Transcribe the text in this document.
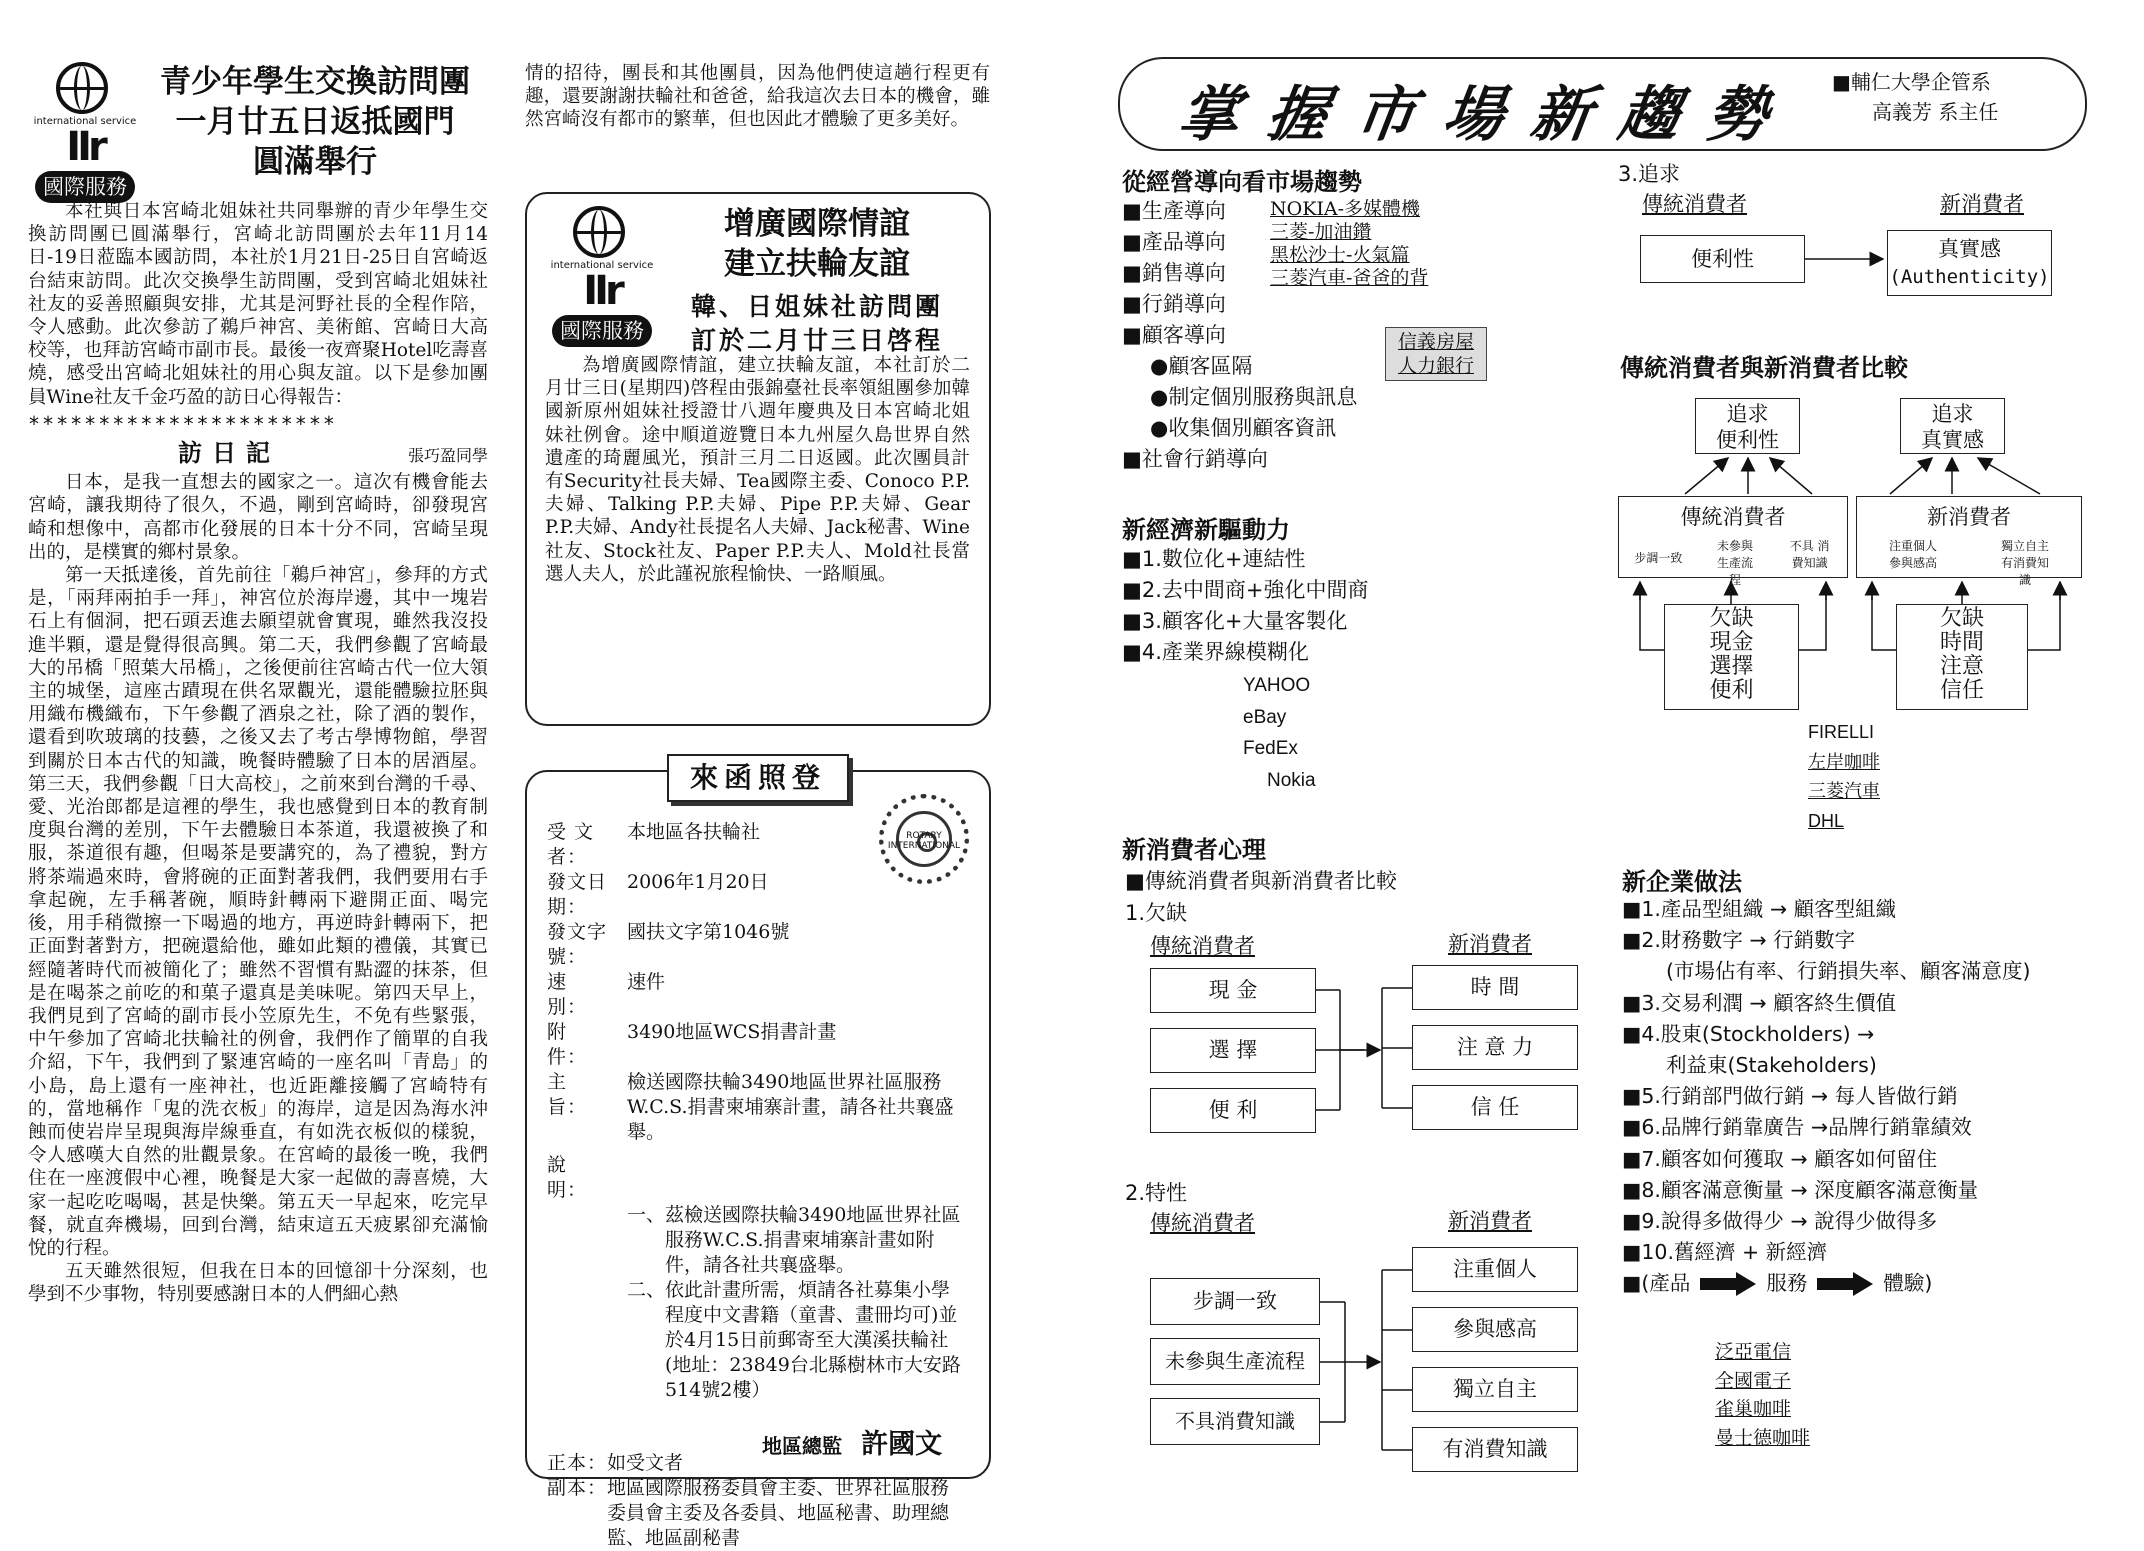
international service
IIr
國際服務
青少年學生交換訪問團
一月廿五日返抵國門
圓滿舉行

本社與日本宮崎北姐妹社共同舉辦的青少年學生交換訪問團已圓滿舉行，宮崎北訪問團於去年11月14日-19日蒞臨本國訪問，本社於1月21日-25日自宮崎返台結束訪問。此次交換學生訪問團，受到宮崎北姐妹社社友的妥善照顧與安排，尤其是河野社長的全程作陪，令人感動。此次參訪了鵜戶神宮、美術館、宮崎日大高校等，也拜訪宮崎市副市長。最後一夜齊聚Hotel吃壽喜燒，感受出宮崎北姐妹社的用心與友誼。以下是參加團員Wine社友千金巧盈的訪日心得報告：

**********************
訪日記	張巧盈同學

日本，是我一直想去的國家之一。這次有機會能去宮崎，讓我期待了很久，不過，剛到宮崎時，卻發現宮崎和想像中，高都市化發展的日本十分不同，宮崎呈現出的，是樸實的鄉村景象。

第一天抵達後，首先前往「鵜戶神宮」，參拜的方式是，「兩拜兩拍手一拜」，神宮位於海岸邊，其中一塊岩石上有個洞，把石頭丟進去願望就會實現，雖然我沒投進半顆，還是覺得很高興。第二天，我們參觀了宮崎最大的吊橋「照葉大吊橋」，之後便前往宮崎古代一位大領主的城堡，這座古蹟現在供名眾觀光，還能體驗拉胚與用織布機織布，下午參觀了酒泉之社，除了酒的製作，還看到吹玻璃的技藝，之後又去了考古學博物館，學習到關於日本古代的知識，晚餐時體驗了日本的居酒屋。第三天，我們參觀「日大高校」，之前來到台灣的千尋、愛、光治郎都是這裡的學生，我也感覺到日本的教育制度與台灣的差別，下午去體驗日本茶道，我還被換了和服，茶道很有趣，但喝茶是要講究的，為了禮貌，對方將茶端過來時，會將碗的正面對著我們，我們要用右手拿起碗，左手稱著碗，順時針轉兩下避開正面、喝完後，用手稍微擦一下喝過的地方，再逆時針轉兩下，把正面對著對方，把碗還給他，雖如此類的禮儀，其實已經隨著時代而被簡化了；雖然不習慣有點澀的抹茶，但是在喝茶之前吃的和菓子還真是美味呢。第四天早上，我們見到了宮崎的副市長小笠原先生，不免有些緊張，中午參加了宮崎北扶輪社的例會，我們作了簡單的自我介紹，下午，我們到了緊連宮崎的一座名叫「青島」的小島，島上還有一座神社，也近距離接觸了宮崎特有的，當地稱作「鬼的洗衣板」的海岸，這是因為海水沖蝕而使岩岸呈現與海岸線垂直，有如洗衣板似的樣貌，令人感嘆大自然的壯觀景象。在宮崎的最後一晚，我們住在一座渡假中心裡，晚餐是大家一起做的壽喜燒，大家一起吃吃喝喝，甚是快樂。第五天一早起來，吃完早餐，就直奔機場，回到台灣，結束這五天疲累卻充滿愉悅的行程。

五天雖然很短，但我在日本的回憶卻十分深刻，也學到不少事物，特別要感謝日本的人們細心熱

情的招待，團長和其他團員，因為他們使這趟行程更有趣，還要謝謝扶輪社和爸爸，給我這次去日本的機會，雖然宮崎沒有都市的繁華，但也因此才體驗了更多美好。
international service
IIr
國際服務
增廣國際情誼
建立扶輪友誼
韓、日姐妹社訪問團
訂於二月廿三日啓程

為增廣國際情誼，建立扶輪友誼，本社訂於二月廿三日(星期四)啓程由張錦臺社長率領組團參加韓國新原州姐妹社授證廿八週年慶典及日本宮崎北姐妹社例會。途中順道遊覽日本九州屋久島世界自然遺產的琦麗風光，預計三月二日返國。此次團員計有Security社長夫婦、Tea國際主委、Conoco P.P.夫婦、Talking P.P.夫婦、Pipe P.P.夫婦、Gear P.P.夫婦、Andy社長提名人夫婦、Jack秘書、Wine社友、Stock社友、Paper P.P.夫人、Mold社長當選人夫人，於此謹祝旅程愉快、一路順風。

來函照登
ROTARY INTERNATIONAL
受 文 者：
本地區各扶輪社
發文日期：
2006年1月20日
發文字號：
國扶文字第1046號
速　　別：
速件
附　　件：
3490地區WCS捐書計畫
主　　旨：
檢送國際扶輪3490地區世界社區服務W.C.S.捐書柬埔寨計畫，請各社共襄盛舉。
說　　明：
一、 茲檢送國際扶輪3490地區世界社區服務W.C.S.捐書柬埔寨計畫如附件，請各社共襄盛舉。
二、 依此計畫所需，煩請各社募集小學程度中文書籍（童書、畫冊均可)並於4月15日前郵寄至大漢溪扶輪社(地址：23849台北縣樹林市大安路514號2樓）
正本： 如受文者
副本： 地區國際服務委員會主委、世界社區服務委員會主委及各委員、地區秘書、助理總監、地區副秘書
地區總監 許國文
掌握市場新趨勢 ■輔仁大學企管系
高義芳 系主任
從經營導向看市場趨勢
■ 生產導向
■ 產品導向
■ 銷售導向
■ 行銷導向
■ 顧客導向
● 顧客區隔
● 制定個別服務與訊息
● 收集個別顧客資訊
■ 社會行銷導向
NOKIA-多媒體機
三菱-加油鑽
黑松沙士-火氣篇
三菱汽車-爸爸的背
信義房屋
人力銀行
新經濟新驅動力
■ 1.數位化+連結性
■ 2.去中間商+強化中間商
■ 3.顧客化+大量客製化
■ 4.產業界線模糊化
YAHOO
eBay
FedEx
Nokia
新消費者心理
■傳統消費者與新消費者比較
1.欠缺
傳統消費者	新消費者
現 金
選 擇
便 利
時 間
注 意 力
信 任
2.特性
傳統消費者	新消費者
步調一致
未參與生產流程
不具消費知識
注重個人
參與感高
獨立自主
有消費知識
3.追求
傳統消費者	新消費者
便利性	真實感
(Authenticity)
傳統消費者與新消費者比較
追求
便利性
追求
真實感
傳統消費者
步調一致
未參與 生產流程
不具 消費知識
新消費者
注重個人 參與感高
獨立自主 有消費知識
欠缺
現金
選擇
便利
欠缺
時間
注意
信任
FIRELLI
左岸咖啡
三菱汽車
DHL
新企業做法
■ 1.產品型組織 → 顧客型組織
■ 2.財務數字 → 行銷數字
(市場佔有率、行銷損失率、顧客滿意度)
■ 3.交易利潤 → 顧客終生價值
■ 4.股東(Stockholders) →
利益東(Stakeholders)
■ 5.行銷部門做行銷 → 每人皆做行銷
■ 6.品牌行銷靠廣告 →品牌行銷靠績效
■ 7.顧客如何獲取 → 顧客如何留住
■ 8.顧客滿意衡量 → 深度顧客滿意衡量
■ 9.說得多做得少 → 說得少做得多
■ 10.舊經濟 + 新經濟
■ (產品	服務	體驗)
泛亞電信
全國電子
雀巢咖啡
曼士德咖啡
